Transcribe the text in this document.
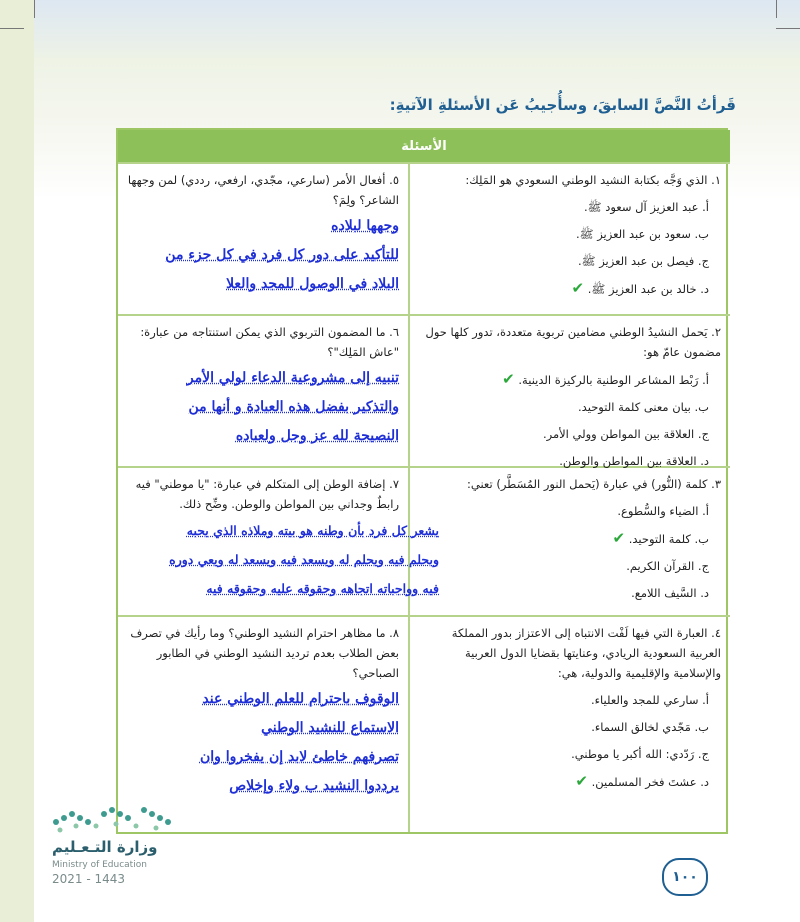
قَرأتُ النَّصَّ السابقَ، وسأُجيبُ عَن الأسئلةِ الآتيةِ:
الأسئلة
٥. أفعال الأمر (سارعي، مجّدي، ارفعي، رددي) لمن وجهها الشاعر؟ ولِمَ؟
وجهها لبلاده
للتأكيد على دور كل فرد في كل جزء من
البلاد في الوصول للمجد والعلا
١. الذي وَجَّه بكتابة النشيد الوطني السعودي هو المَلِك:
أ. عبد العزيز آل سعود ﷺ.
ب. سعود بن عبد العزيز ﷺ.
ج. فيصل بن عبد العزيز ﷺ.
د. خالد بن عبد العزيز ﷺ. ✔
٦. ما المضمون التربوي الذي يمكن استنتاجه من عبارة: "عاش المَلِك"؟
تنبيه إلى مشروعية الدعاء لولي الأمر
والتذكير بفضل هذه العبادة و أنها من
النصيحة لله عز وجل ولعباده
٢. يَحمل النشيدُ الوطني مضامين تربوية متعددة، تدور كلها حول مضمون عامّ هو:
أ. رَبْط المشاعر الوطنية بالركيزة الدينية. ✔
ب. بيان معنى كلمة التوحيد.
ج. العلاقة بين المواطن وولي الأمر.
د. العلاقة بين المواطن والوطن.
٧. إضافة الوطن إلى المتكلم في عبارة: "يا موطني" فيه رابطٌ وجداني بين المواطن والوطن. وضِّح ذلك.
يشعر كل فرد بأن وطنه هو بيته وملاذه الذي يحبه
وبحلم فيه ويحلم له ويسعد فيه ويسعد له ويعي دوره
فيه وواجباته اتجاهه وحقوقه عليه وحقوقه فيه
٣. كلمة (النُّور) في عبارة (يَحمل النور المُسَطَّر) تعني:
أ. الضياء والسُّطوع.
ب. كلمة التوحيد. ✔
ج. القرآن الكريم.
د. السَّيف اللامع.
٨. ما مظاهر احترام النشيد الوطني؟ وما رأيك في تصرف بعض الطلاب بعدم ترديد النشيد الوطني في الطابور الصباحي؟
الوقوف باحترام للعلم الوطني عند
الاستماع للنشيد الوطني
تصرفهم خاطئ لابد إن يفخروا وان
يرددوا النشيد ب ولاء وإخلاص
٤. العبارة التي فيها لَفْت الانتباه إلى الاعتزاز بدور المملكة العربية السعودية الريادي، وعنايتها بقضايا الدول العربية والإسلامية والإقليمية والدولية، هي:
أ. سارعي للمجد والعلياء.
ب. مَجّدي لخالق السماء.
ج. رَدّدي: الله أكبر يا موطني.
د. عشتَ فخر المسلمين. ✔
وزارة التـعـليم
Ministry of Education
2021 - 1443	١٠٠
